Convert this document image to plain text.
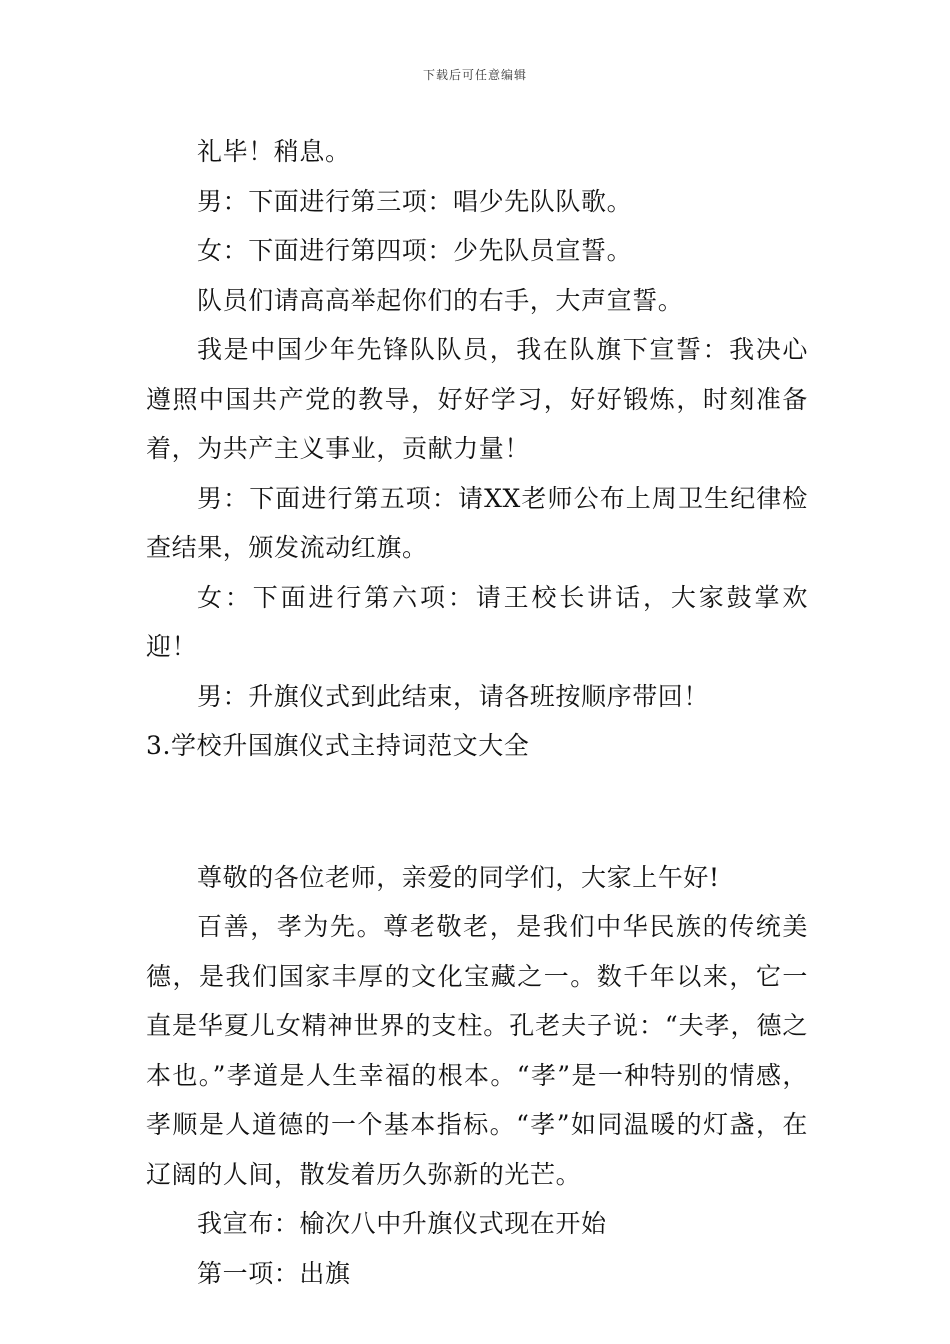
下载后可任意编辑

礼毕！稍息。

男：下面进行第三项：唱少先队队歌。

女：下面进行第四项：少先队员宣誓。

队员们请高高举起你们的右手，大声宣誓。

我是中国少年先锋队队员，我在队旗下宣誓：我决心遵照中国共产党的教导，好好学习，好好锻炼，时刻准备着，为共产主义事业，贡献力量！

男：下面进行第五项：请XX老师公布上周卫生纪律检查结果，颁发流动红旗。

女：下面进行第六项：请王校长讲话，大家鼓掌欢迎！

男：升旗仪式到此结束，请各班按顺序带回！

3.学校升国旗仪式主持词范文大全

尊敬的各位老师，亲爱的同学们，大家上午好!

百善，孝为先。尊老敬老，是我们中华民族的传统美德，是我们国家丰厚的文化宝藏之一。数千年以来，它一直是华夏儿女精神世界的支柱。孔老夫子说：“夫孝，德之本也。”孝道是人生幸福的根本。“孝”是一种特别的情感，孝顺是人道德的一个基本指标。“孝”如同温暖的灯盏，在辽阔的人间，散发着历久弥新的光芒。

我宣布：榆次八中升旗仪式现在开始

第一项：出旗
